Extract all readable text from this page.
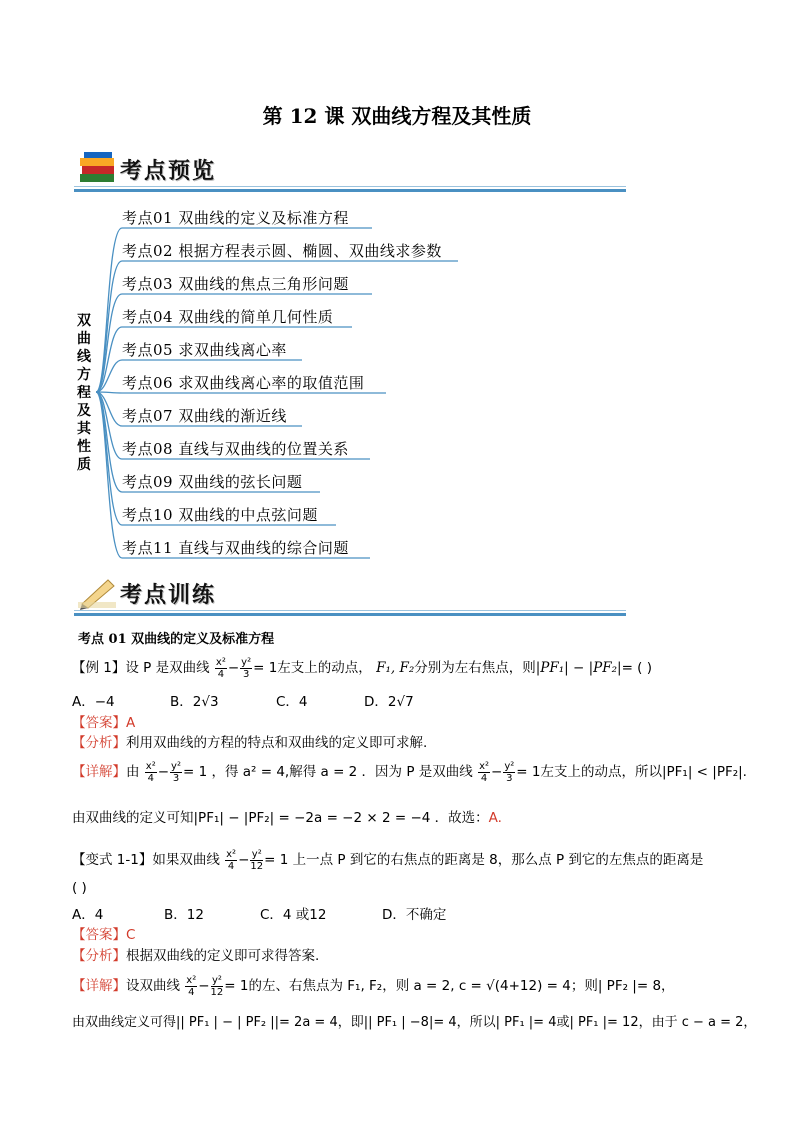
第 12 课 双曲线方程及其性质
考点预览
双
曲
线
方
程
及
其
性
质
考点01 双曲线的定义及标准方程
考点02 根据方程表示圆、椭圆、双曲线求参数
考点03 双曲线的焦点三角形问题
考点04 双曲线的简单几何性质
考点05 求双曲线离心率
考点06 求双曲线离心率的取值范围
考点07 双曲线的渐近线
考点08 直线与双曲线的位置关系
考点09 双曲线的弦长问题
考点10 双曲线的中点弦问题
考点11 直线与双曲线的综合问题
考点训练
考点 01 双曲线的定义及标准方程
【例 1】设 P 是双曲线 $\frac{\text{x²}}{4} - \frac{\text{y²}}{3} = 1$左支上的动点， F₁, F₂分别为左右焦点，则|PF₁| − |PF₂|= ( )
A．−4	B．2√3	C．4	D．2√7
【答案】A
【分析】利用双曲线的方程的特点和双曲线的定义即可求解.
【详解】由 $\frac{\text{x²}}{4} - \frac{\text{y²}}{3} = 1$ ，得 a² = 4,解得 a = 2 ．因为 P 是双曲线 $\frac{\text{x²}}{4} - \frac{\text{y²}}{3} = 1$左支上的动点，所以|PF₁| < |PF₂|.
由双曲线的定义可知|PF₁| − |PF₂| = −2a = −2 × 2 = −4 ．故选：A.
【变式 1-1】如果双曲线 $\frac{\text{x²}}{4} - \frac{\text{y²}}{12} = 1$ 上一点 P 到它的右焦点的距离是 8，那么点 P 到它的左焦点的距离是
( )
A．4	B．12	C．4 或12	D．不确定
【答案】C
【分析】根据双曲线的定义即可求得答案.
【详解】设双曲线 $\frac{\text{x²}}{4} - \frac{\text{y²}}{12} = 1$的左、右焦点为 F₁, F₂，则 a = 2, c = √(4+12) = 4；则| PF₂ |= 8，
由双曲线定义可得|| PF₁ | − | PF₂ ||= 2a = 4，即|| PF₁ | −8|= 4，所以| PF₁ |= 4或| PF₁ |= 12，由于 c − a = 2，
